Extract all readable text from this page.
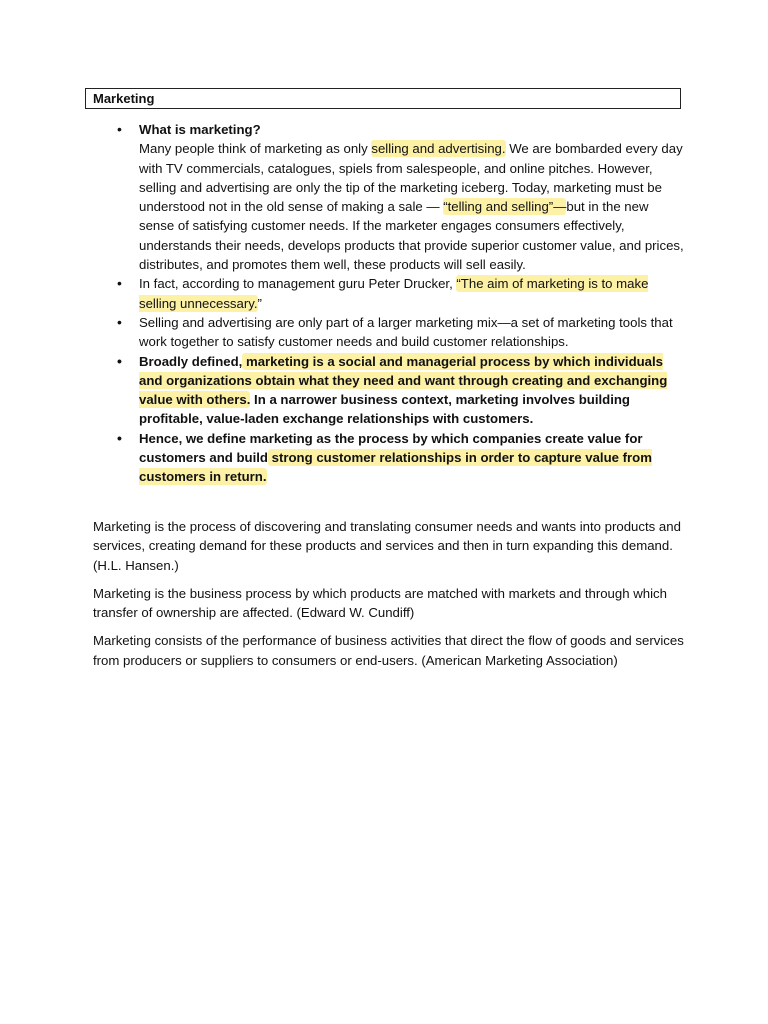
Marketing
• What is marketing?
Many people think of marketing as only selling and advertising. We are bombarded every day with TV commercials, catalogues, spiels from salespeople, and online pitches. However, selling and advertising are only the tip of the marketing iceberg. Today, marketing must be understood not in the old sense of making a sale — “telling and selling”—but in the new sense of satisfying customer needs. If the marketer engages consumers effectively, understands their needs, develops products that provide superior customer value, and prices, distributes, and promotes them well, these products will sell easily.
• In fact, according to management guru Peter Drucker, “The aim of marketing is to make selling unnecessary.”
• Selling and advertising are only part of a larger marketing mix—a set of marketing tools that work together to satisfy customer needs and build customer relationships.
• Broadly defined, marketing is a social and managerial process by which individuals and organizations obtain what they need and want through creating and exchanging value with others. In a narrower business context, marketing involves building profitable, value-laden exchange relationships with customers.
• Hence, we define marketing as the process by which companies create value for customers and build strong customer relationships in order to capture value from customers in return.

Marketing is the process of discovering and translating consumer needs and wants into products and services, creating demand for these products and services and then in turn expanding this demand. (H.L. Hansen.)

Marketing is the business process by which products are matched with markets and through which transfer of ownership are affected. (Edward W. Cundiff)

Marketing consists of the performance of business activities that direct the flow of goods and services from producers or suppliers to consumers or end-users. (American Marketing Association)
